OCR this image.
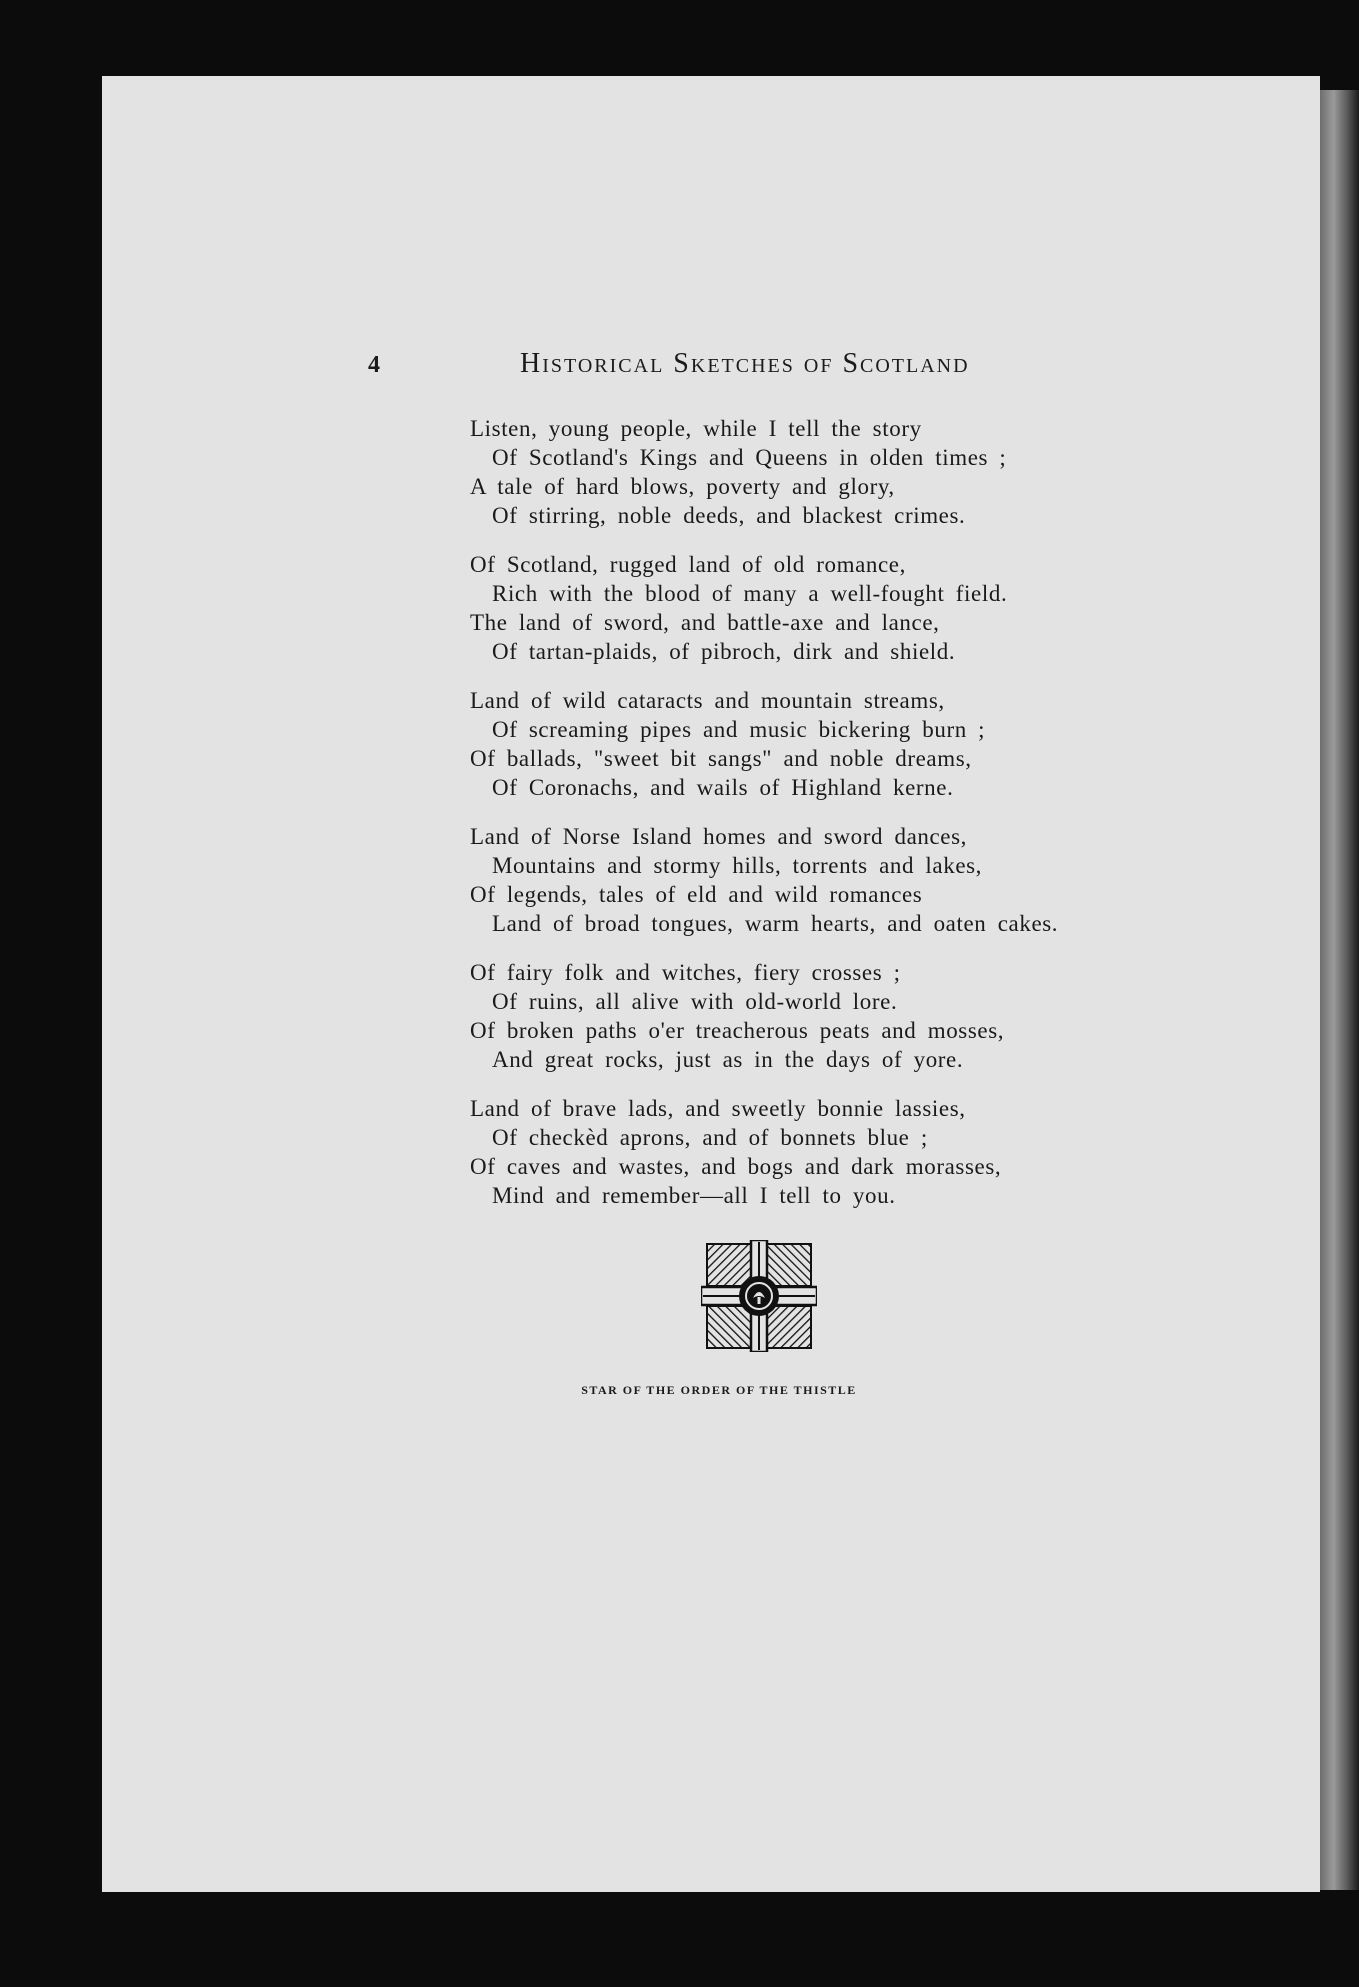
4	Historical Sketches of Scotland
Listen, young people, while I tell the story
Of Scotland's Kings and Queens in olden times ;
A tale of hard blows, poverty and glory,
Of stirring, noble deeds, and blackest crimes.
Of Scotland, rugged land of old romance,
Rich with the blood of many a well-fought field.
The land of sword, and battle-axe and lance,
Of tartan-plaids, of pibroch, dirk and shield.
Land of wild cataracts and mountain streams,
Of screaming pipes and music bickering burn ;
Of ballads, "sweet bit sangs" and noble dreams,
Of Coronachs, and wails of Highland kerne.
Land of Norse Island homes and sword dances,
Mountains and stormy hills, torrents and lakes,
Of legends, tales of eld and wild romances
Land of broad tongues, warm hearts, and oaten cakes.
Of fairy folk and witches, fiery crosses ;
Of ruins, all alive with old-world lore.
Of broken paths o'er treacherous peats and mosses,
And great rocks, just as in the days of yore.
Land of brave lads, and sweetly bonnie lassies,
Of checkèd aprons, and of bonnets blue ;
Of caves and wastes, and bogs and dark morasses,
Mind and remember—all I tell to you.
STAR OF THE ORDER OF THE THISTLE
